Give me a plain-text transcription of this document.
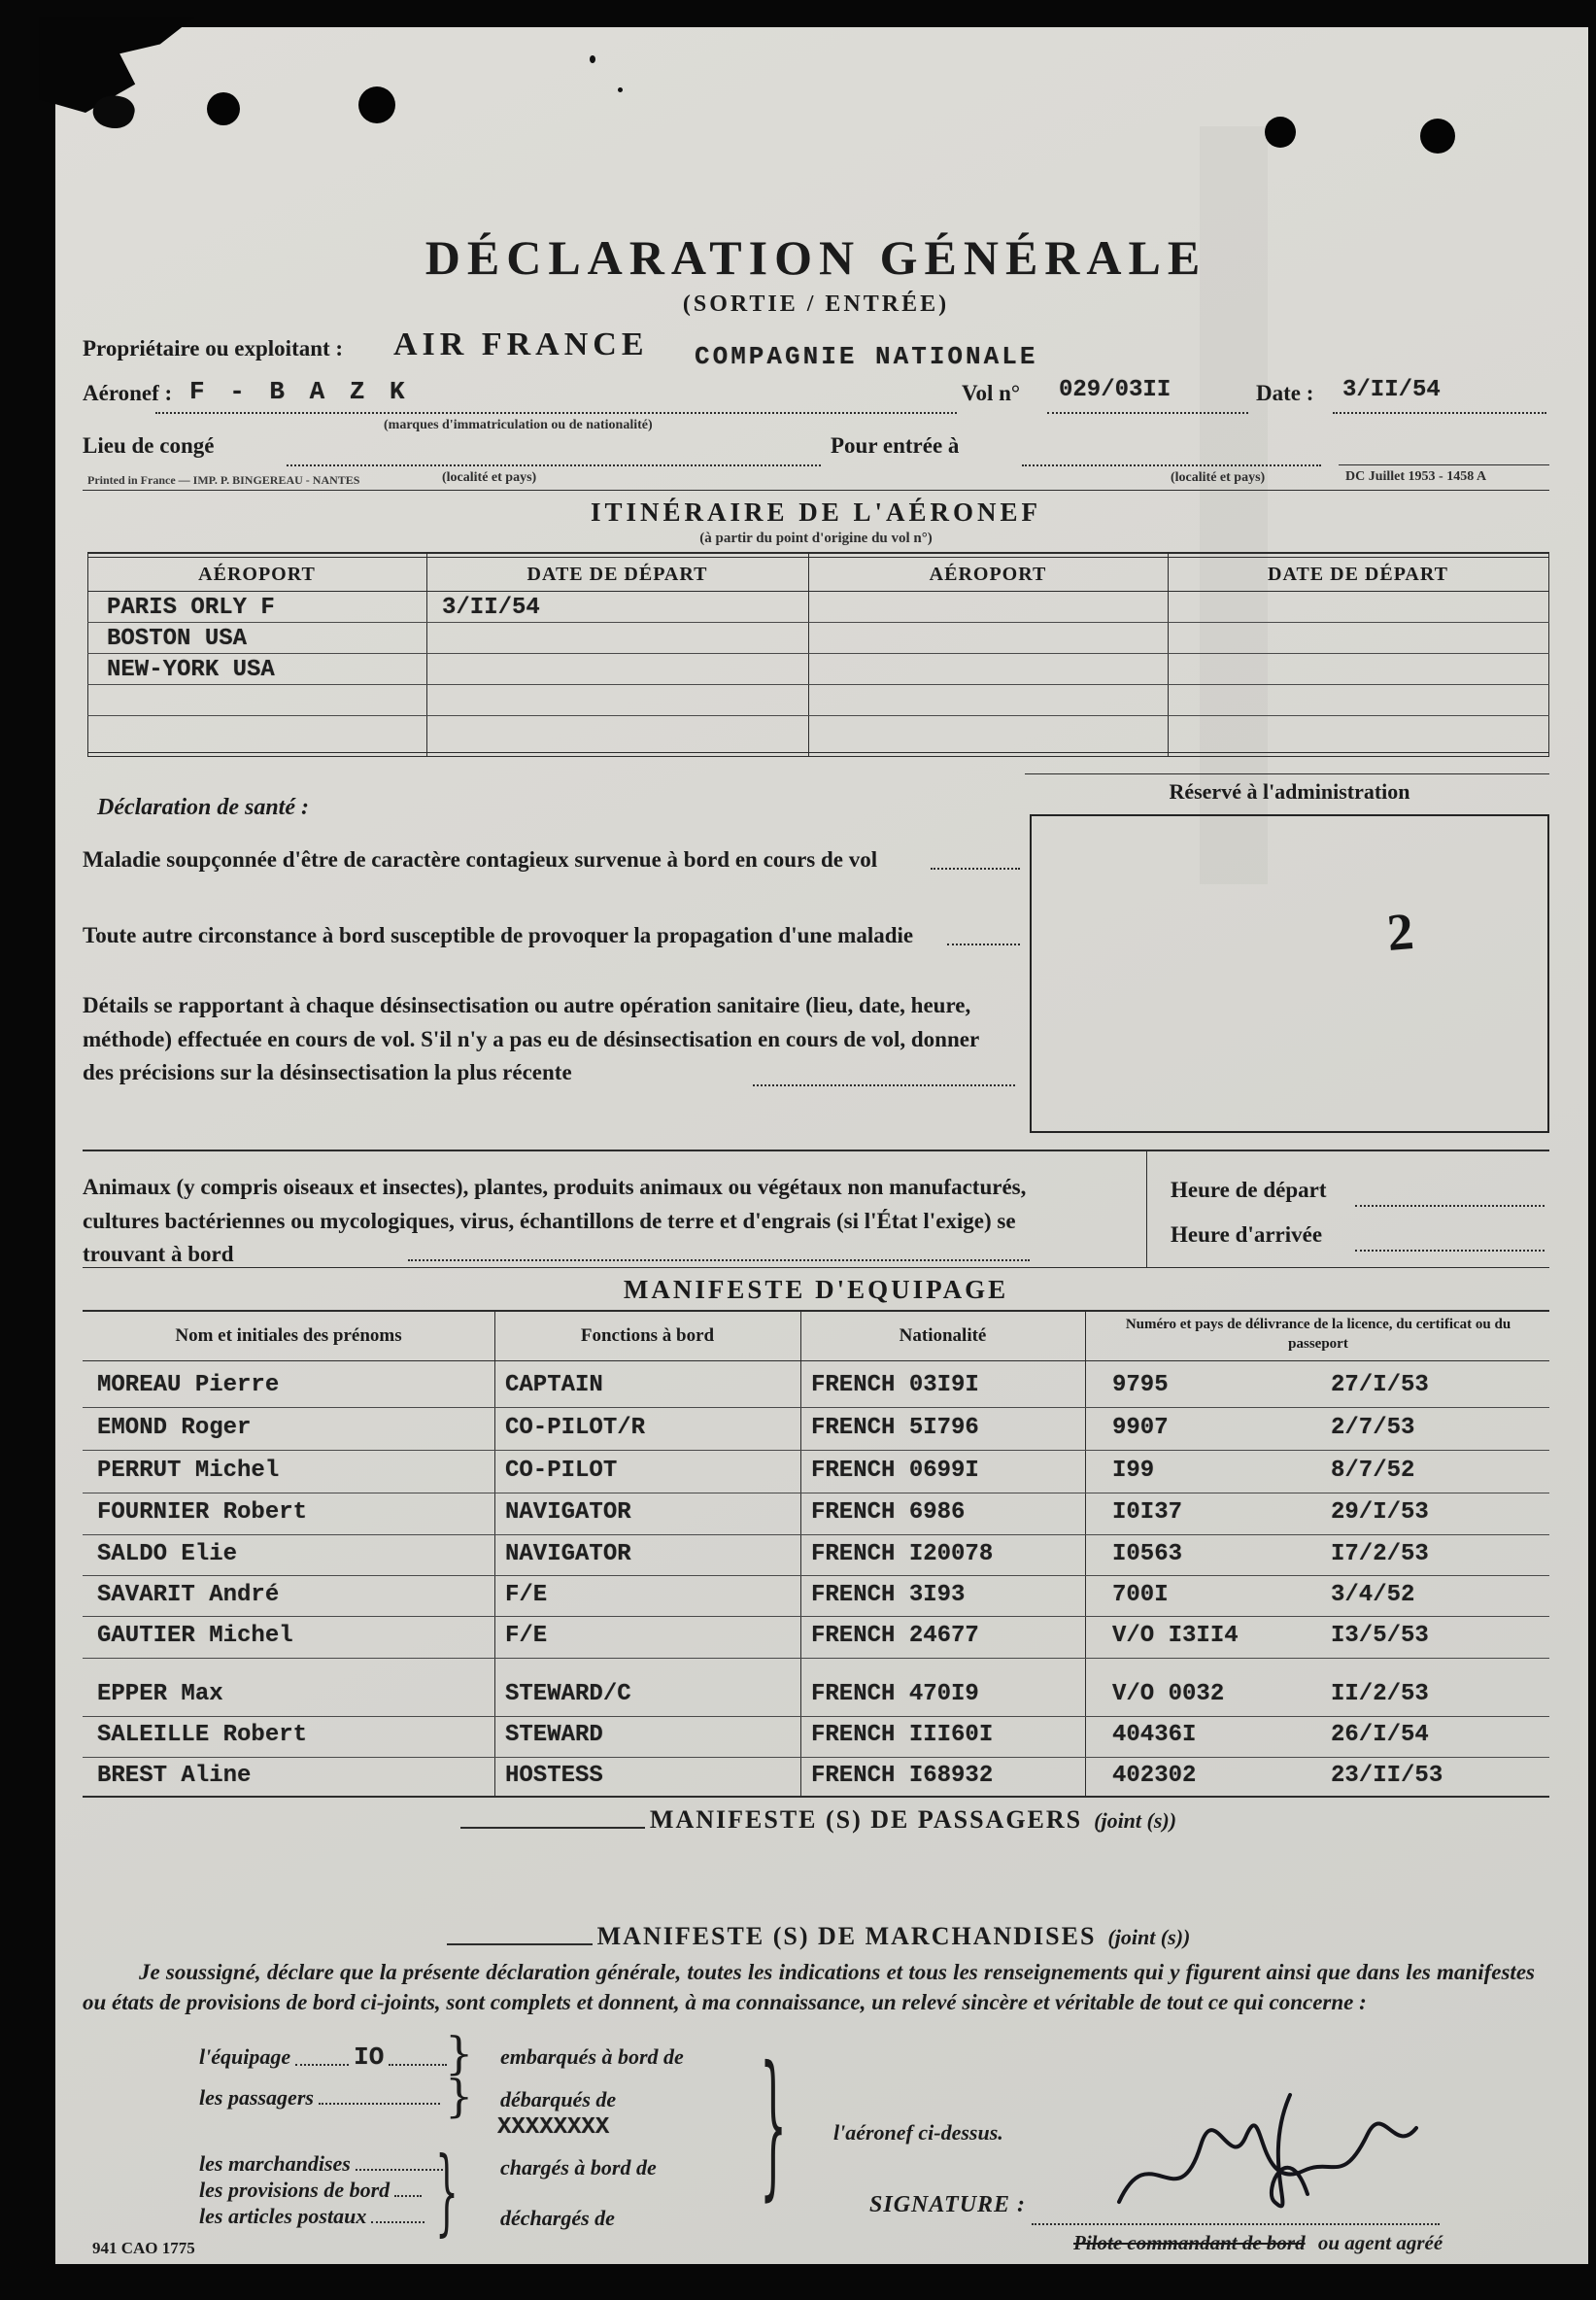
DÉCLARATION GÉNÉRALE
(SORTIE / ENTRÉE)
Propriétaire ou exploitant : AIR FRANCE COMPAGNIE NATIONALE
Aéronef : F - B A Z K
(marques d'immatriculation ou de nationalité)
Vol n° 029/03II	Date : 3/II/54
Lieu de congé
(localité et pays)
Pour entrée à
(localité et pays)	DC Juillet 1953 - 1458 A
Printed in France — IMP. P. BINGEREAU - NANTES
ITINÉRAIRE DE L'AÉRONEF
(à partir du point d'origine du vol n°)
AÉROPORT	DATE DE DÉPART	AÉROPORT	DATE DE DÉPART
PARIS ORLY F	3/II/54
BOSTON USA
NEW-YORK USA
Déclaration de santé :
Réservé à l'administration
2
Maladie soupçonnée d'être de caractère contagieux survenue à bord en cours de vol
Toute autre circonstance à bord susceptible de provoquer la propagation d'une maladie
Détails se rapportant à chaque désinsectisation ou autre opération sanitaire (lieu, date, heure, méthode) effectuée en cours de vol. S'il n'y a pas eu de désinsectisation en cours de vol, donner des précisions sur la désinsectisation la plus récente
Animaux (y compris oiseaux et insectes), plantes, produits animaux ou végétaux non manufacturés, cultures bactériennes ou mycologiques, virus, échantillons de terre et d'engrais (si l'État l'exige) se trouvant à bord
Heure de départ
Heure d'arrivée
MANIFESTE D'EQUIPAGE
Nom et initiales des prénoms	Fonctions à bord	Nationalité
Numéro et pays de délivrance de la licence, du certificat ou du passeport
MOREAU Pierre	CAPTAIN	FRENCH 03I9I	9795	27/I/53
EMOND Roger	CO-PILOT/R	FRENCH 5I796	9907	2/7/53
PERRUT Michel	CO-PILOT	FRENCH 0699I	I99	8/7/52
FOURNIER Robert	NAVIGATOR	FRENCH 6986	I0I37	29/I/53
SALDO Elie	NAVIGATOR	FRENCH I20078	I0563	I7/2/53
SAVARIT André	F/E	FRENCH 3I93	700I	3/4/52
GAUTIER Michel	F/E	FRENCH 24677	V/O I3II4	I3/5/53
EPPER Max	STEWARD/C	FRENCH 470I9	V/O 0032	II/2/53
SALEILLE Robert	STEWARD	FRENCH III60I	40436I	26/I/54
BREST Aline	HOSTESS	FRENCH I68932	402302	23/II/53
MANIFESTE (S) DE PASSAGERS (joint (s))
MANIFESTE (S) DE MARCHANDISES (joint (s))
Je soussigné, déclare que la présente déclaration générale, toutes les indications et tous les renseignements qui y figurent ainsi que dans les manifestes ou états de provisions de bord ci-joints, sont complets et donnent, à ma connaissance, un relevé sincère et véritable de tout ce qui concerne :
l'équipage	IO
les passagers
XXXXXXXX
les marchandises
les provisions de bord
les articles postaux
}
}
}
embarqués à bord de
débarqués de
chargés à bord de
déchargés de
} l'aéronef ci-dessus.
SIGNATURE :
Pilote commandant de bord ou agent agréé
941 CAO 1775
